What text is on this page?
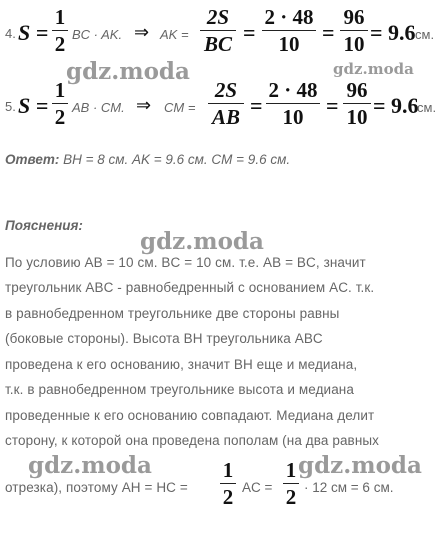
4. S =
1
2 BC · AK. ⇒ AK =
2S
BC =
2 · 48
10	=
96
10 = 9.6 см.
5. S =
1
2 AB · CM. ⇒ CM =
2S
AB =
2 · 48
10	=
96
10 = 9.6
см.
Ответ: BH = 8 см. AK = 9.6 см. CM = 9.6 см.
Пояснения:
По условию AB = 10 см. BC = 10 см. т.е. AB = BC, значит
треугольник ABC - равнобедренный с основанием AC. т.к.
в равнобедренном треугольнике две стороны равны
(боковые стороны). Высота BH треугольника ABC
проведена к его основанию, значит BH еще и медиана,
т.к. в равнобедренном треугольнике высота и медиана
проведенные к его основанию совпадают. Медиана делит
сторону, к которой она проведена пополам (на два равных
отрезка), поэтому AH = HC =
1
2 AC =
1
2 · 12 см = 6 см.
gdz.moda	gdz.moda
gdz.moda
gdz.moda	gdz.moda
